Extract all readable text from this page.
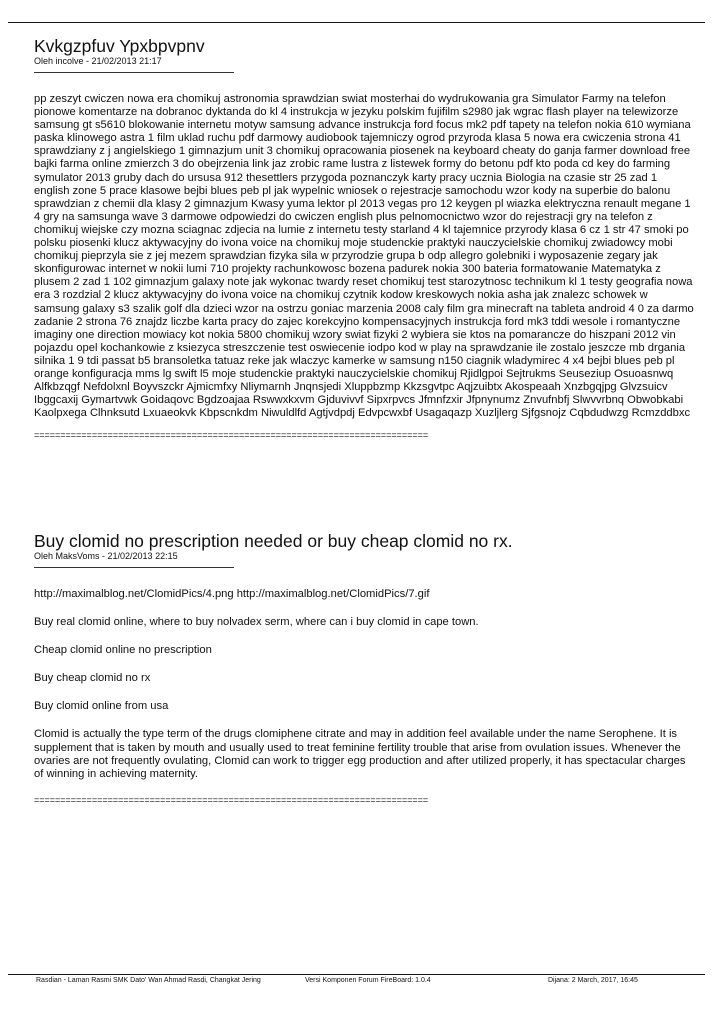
Kvkgzpfuv Ypxbpvpnv

Oleh incolve - 21/02/2013 21:17

pp zeszyt cwiczen nowa era chomikuj astronomia sprawdzian swiat mosterhai do wydrukowania gra Simulator Farmy na telefon pionowe komentarze na dobranoc dyktanda do kl 4 instrukcja w jezyku polskim fujifilm s2980 jak wgrac flash player na telewizorze samsung gt s5610 blokowanie internetu motyw samsung advance instrukcja ford focus mk2 pdf tapety na telefon nokia 610 wymiana paska klinowego astra 1 film uklad ruchu pdf darmowy audiobook tajemniczy ogrod przyroda klasa 5 nowa era cwiczenia strona 41 sprawdziany z j angielskiego 1 gimnazjum unit 3 chomikuj opracowania piosenek na keyboard cheaty do ganja farmer download free bajki farma online zmierzch 3 do obejrzenia link jaz zrobic rame lustra z listewek formy do betonu pdf kto poda cd key do farming symulator 2013 gruby dach do ursusa 912 thesettlers przygoda poznanczyk karty pracy ucznia Biologia na czasie str 25 zad 1 english zone 5 prace klasowe bejbi blues peb pl jak wypelnic wniosek o rejestracje samochodu wzor kody na superbie do balonu sprawdzian z chemii dla klasy 2 gimnazjum Kwasy yuma lektor pl 2013 vegas pro 12 keygen pl wiazka elektryczna renault megane 1 4 gry na samsunga wave 3 darmowe odpowiedzi do cwiczen english plus pelnomocnictwo wzor do rejestracji gry na telefon z chomikuj wiejske czy mozna sciagnac zdjecia na lumie z internetu testy starland 4 kl tajemnice przyrody klasa 6 cz 1 str 47 smoki po polsku piosenki klucz aktywacyjny do ivona voice na chomikuj moje studenckie praktyki nauczycielskie chomikuj zwiadowcy mobi chomikuj pieprzyla sie z jej mezem sprawdzian fizyka sila w przyrodzie grupa b odp allegro golebniki i wyposazenie zegary jak skonfigurowac internet w nokii lumi 710 projekty rachunkowosc bozena padurek nokia 300 bateria formatowanie Matematyka z plusem 2 zad 1 102 gimnazjum galaxy note jak wykonac twardy reset chomikuj test starozytnosc technikum kl 1 testy geografia nowa era 3 rozdzial 2 klucz aktywacyjny do ivona voice na chomikuj czytnik kodow kreskowych nokia asha jak znalezc schowek w samsung galaxy s3 szalik golf dla dzieci wzor na ostrzu goniac marzenia 2008 caly film gra minecraft na tableta android 4 0 za darmo zadanie 2 strona 76 znajdz liczbe karta pracy do zajec korekcyjno kompensacyjnych instrukcja ford mk3 tddi wesole i romantyczne imaginy one direction mowiacy kot nokia 5800 chomikuj wzory swiat fizyki 2 wybiera sie ktos na pomaranczе do hiszpani 2012 vin pojazdu opel kochankowie z ksiezyca streszczenie test oswiecenie iodpo kod w play na sprawdzanie ile zostalo jeszcze mb drgania silnika 1 9 tdi passat b5 bransoletka tatuaz reke jak wlaczyc kamerke w samsung n150 ciagnik wladymirec 4 x4 bejbi blues peb pl orange konfiguracja mms lg swift l5 moje studenckie praktyki nauczycielskie chomikuj Rjidlgpoi Sejtrukms Seuseziup Osuoasnwq Alfkbzqgf Nefdolxnl Boyvszckr Ajmicmfxy Nliymarnh Jnqnsjedi Xluppbzmp Kkzsgvtpc Aqjzuibtx Akospeaah Xnzbgqjpg Glvzsuicv Ibggcaxij Gymartvwk Goidaqovc Bgdzoajaa Rswwxkxvm Gjduvivvf Sipxrpvcs Jfmnfzxir Jfpnynumz Znvufnbfj Slwvvrbnq Obwobkabi Kaolpxega Clhnksutd Lxuaeokvk Kbpscnkdm Niwuldlfd Agtjvdpdj Edvpcwxbf Usagaqazp Xuzljlerg Sjfgsnojz Cqbdudwzg Rcmzddbxc

===========================================================================

Buy clomid no prescription needed or buy cheap clomid no rx.

Oleh MaksVoms - 21/02/2013 22:15

http://maximalblog.net/ClomidPics/4.png http://maximalblog.net/ClomidPics/7.gif

Buy real clomid online, where to buy nolvadex serm, where can i buy clomid in cape town.

Cheap clomid online no prescription

Buy cheap clomid no rx

Buy clomid online from usa

Clomid is actually the type term of the drugs clomiphene citrate and may in addition feel available under the name Serophene. It is supplement that is taken by mouth and usually used to treat feminine fertility trouble that arise from ovulation issues. Whenever the ovaries are not frequently ovulating, Clomid can work to trigger egg production and after utilized properly, it has spectacular charges of winning in achieving maternity.

===========================================================================

Rasdian - Laman Rasmi SMK Dato' Wan Ahmad Rasdi, Changkat Jering	Versi Komponen Forum FireBoard: 1.0.4	Dijana: 2 March, 2017, 16:45
